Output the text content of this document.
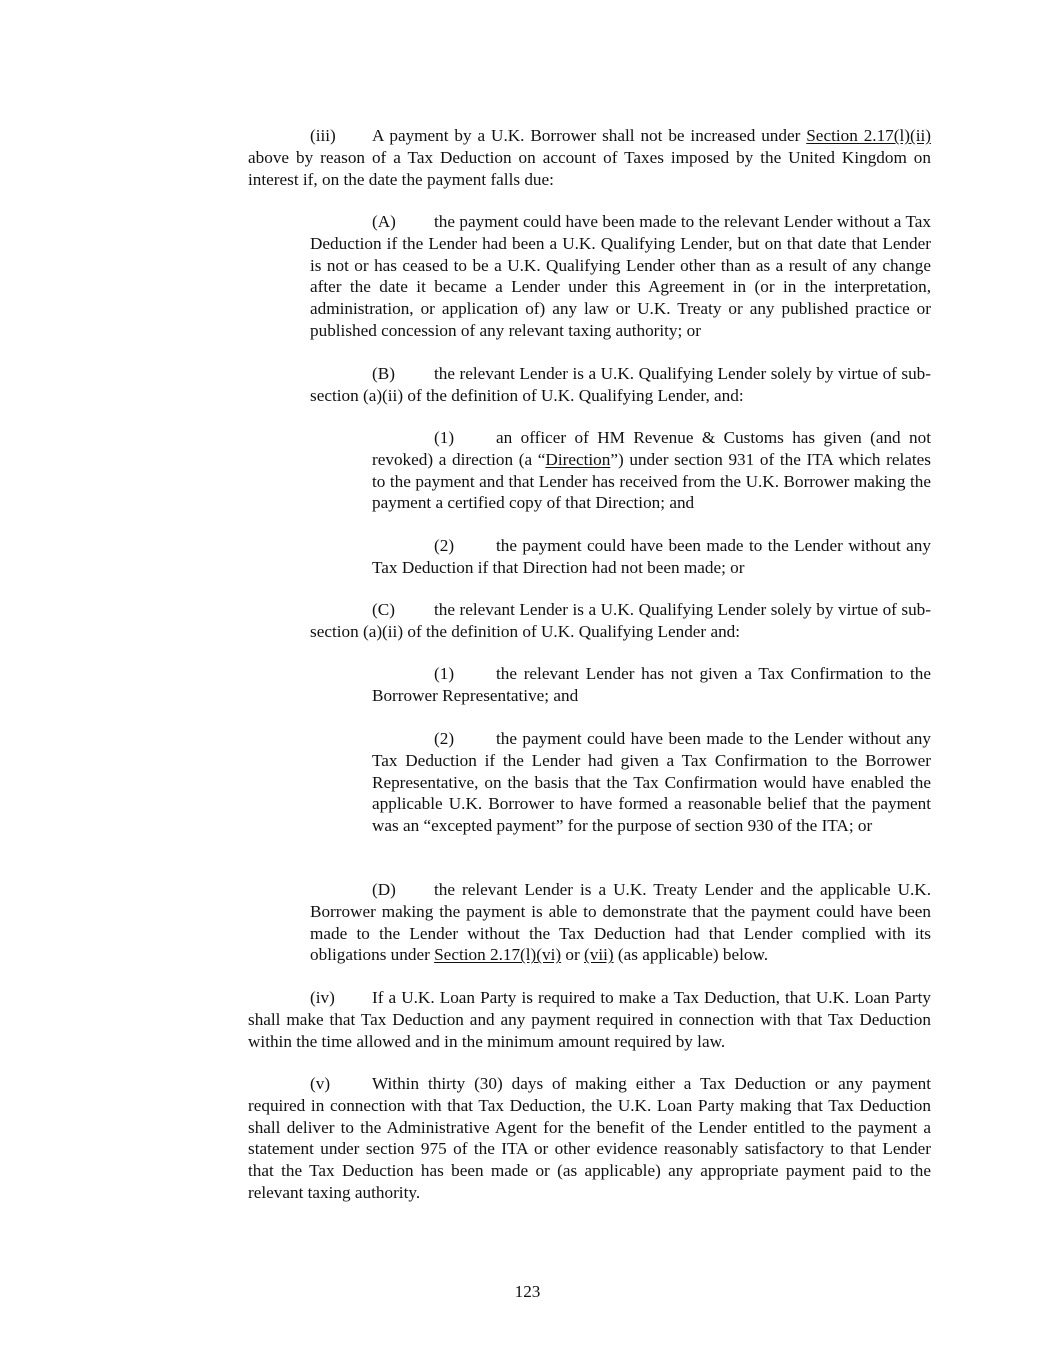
(iii) A payment by a U.K. Borrower shall not be increased under Section 2.17(l)(ii) above by reason of a Tax Deduction on account of Taxes imposed by the United Kingdom on interest if, on the date the payment falls due:

(A) the payment could have been made to the relevant Lender without a Tax Deduction if the Lender had been a U.K. Qualifying Lender, but on that date that Lender is not or has ceased to be a U.K. Qualifying Lender other than as a result of any change after the date it became a Lender under this Agreement in (or in the interpretation, administration, or application of) any law or U.K. Treaty or any published practice or published concession of any relevant taxing authority; or

(B) the relevant Lender is a U.K. Qualifying Lender solely by virtue of sub-section (a)(ii) of the definition of U.K. Qualifying Lender, and:

(1) an officer of HM Revenue & Customs has given (and not revoked) a direction (a “Direction”) under section 931 of the ITA which relates to the payment and that Lender has received from the U.K. Borrower making the payment a certified copy of that Direction; and

(2) the payment could have been made to the Lender without any Tax Deduction if that Direction had not been made; or

(C) the relevant Lender is a U.K. Qualifying Lender solely by virtue of sub-section (a)(ii) of the definition of U.K. Qualifying Lender and:

(1) the relevant Lender has not given a Tax Confirmation to the Borrower Representative; and

(2) the payment could have been made to the Lender without any Tax Deduction if the Lender had given a Tax Confirmation to the Borrower Representative, on the basis that the Tax Confirmation would have enabled the applicable U.K. Borrower to have formed a reasonable belief that the payment was an “excepted payment” for the purpose of section 930 of the ITA; or

(D) the relevant Lender is a U.K. Treaty Lender and the applicable U.K. Borrower making the payment is able to demonstrate that the payment could have been made to the Lender without the Tax Deduction had that Lender complied with its obligations under Section 2.17(l)(vi) or (vii) (as applicable) below.

(iv) If a U.K. Loan Party is required to make a Tax Deduction, that U.K. Loan Party shall make that Tax Deduction and any payment required in connection with that Tax Deduction within the time allowed and in the minimum amount required by law.

(v) Within thirty (30) days of making either a Tax Deduction or any payment required in connection with that Tax Deduction, the U.K. Loan Party making that Tax Deduction shall deliver to the Administrative Agent for the benefit of the Lender entitled to the payment a statement under section 975 of the ITA or other evidence reasonably satisfactory to that Lender that the Tax Deduction has been made or (as applicable) any appropriate payment paid to the relevant taxing authority.

123
